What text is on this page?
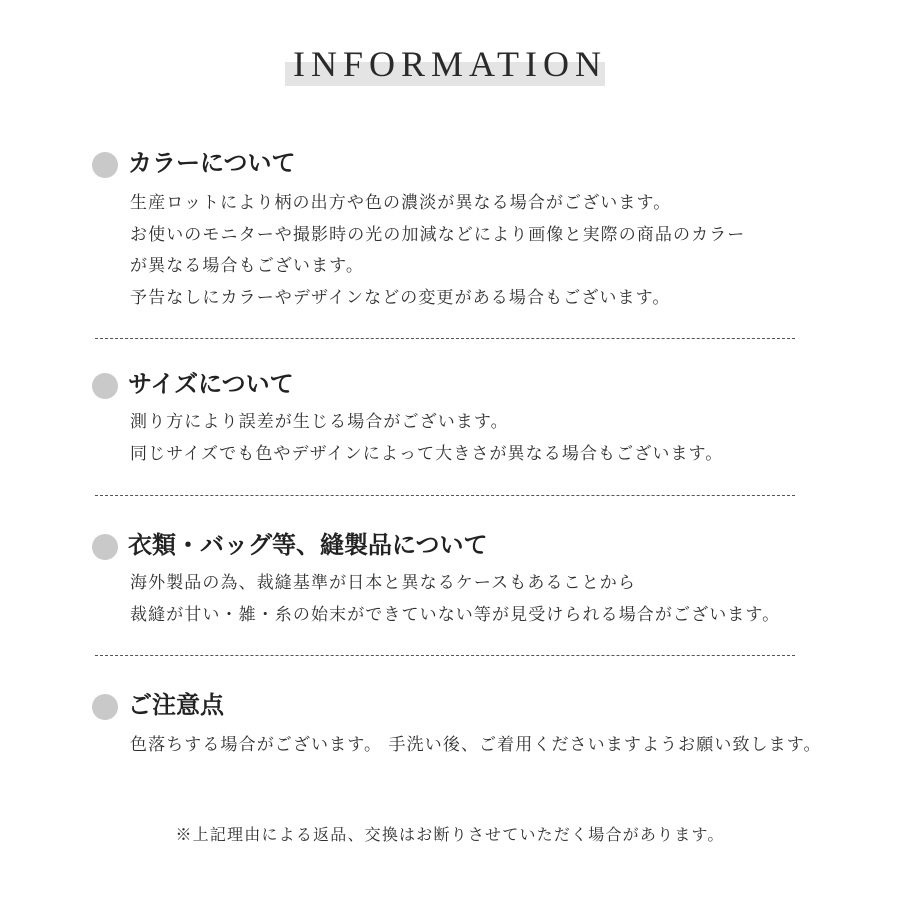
INFORMATION
カラーについて
生産ロットにより柄の出方や色の濃淡が異なる場合がございます。
お使いのモニターや撮影時の光の加減などにより画像と実際の商品のカラー
が異なる場合もございます。
予告なしにカラーやデザインなどの変更がある場合もございます。
サイズについて
測り方により誤差が生じる場合がございます。
同じサイズでも色やデザインによって大きさが異なる場合もございます。
衣類・バッグ等、縫製品について
海外製品の為、裁縫基準が日本と異なるケースもあることから
裁縫が甘い・雑・糸の始末ができていない等が見受けられる場合がございます。
ご注意点
色落ちする場合がございます。 手洗い後、ご着用くださいますようお願い致します。
※上記理由による返品、交換はお断りさせていただく場合があります。
